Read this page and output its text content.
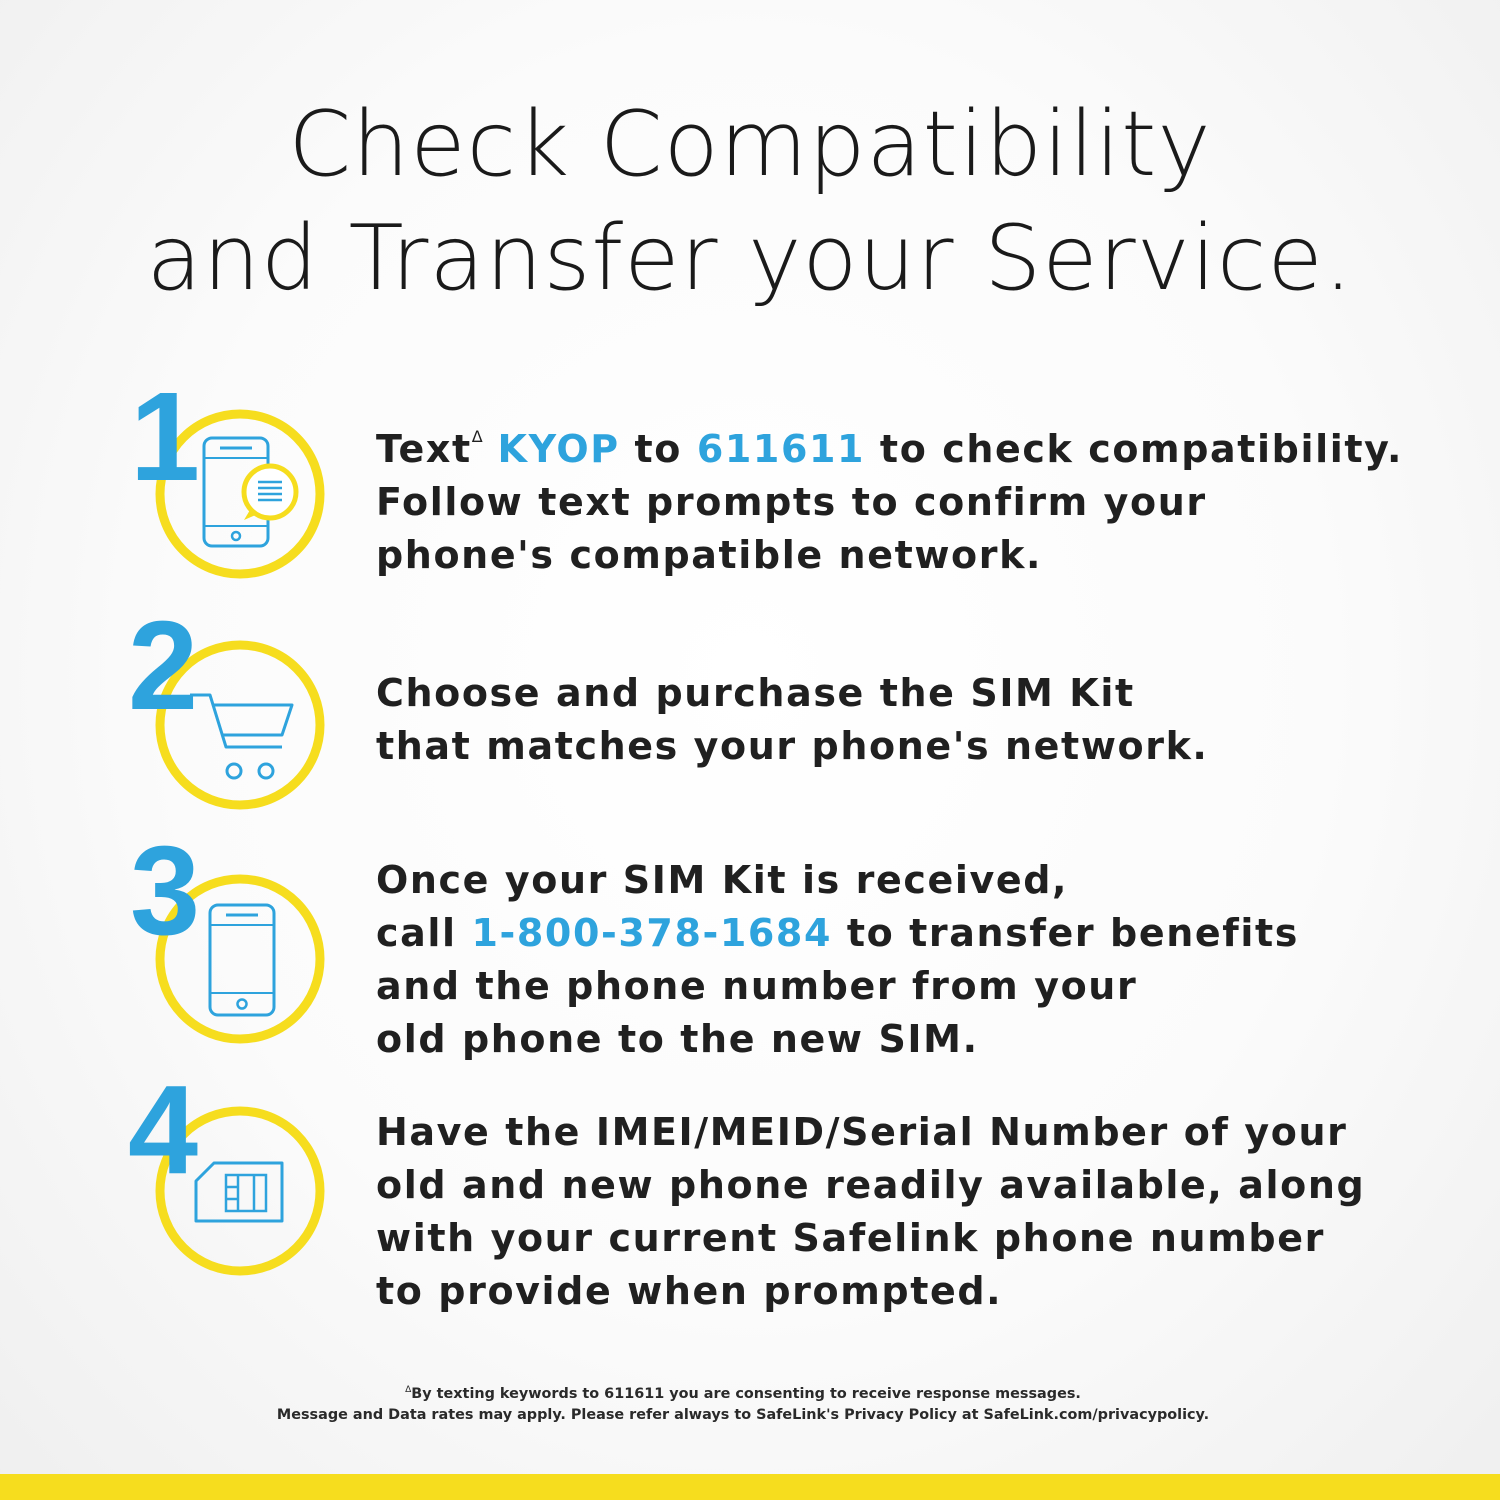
Check Compatibility
and Transfer your Service.
1	Text$^\Delta$ KYOP to 611611 to check compatibility.
Follow text prompts to confirm your
phone's compatible network.
2	Choose and purchase the SIM Kit
that matches your phone's network.
3	Once your SIM Kit is received,
call 1-800-378-1684 to transfer benefits
and the phone number from your
old phone to the new SIM.
4	Have the IMEI/MEID/Serial Number of your
old and new phone readily available, along
with your current Safelink phone number
to provide when prompted.
$^\Delta$By texting keywords to 611611 you are consenting to receive response messages.
Message and Data rates may apply. Please refer always to SafeLink's Privacy Policy at SafeLink.com/privacypolicy.
